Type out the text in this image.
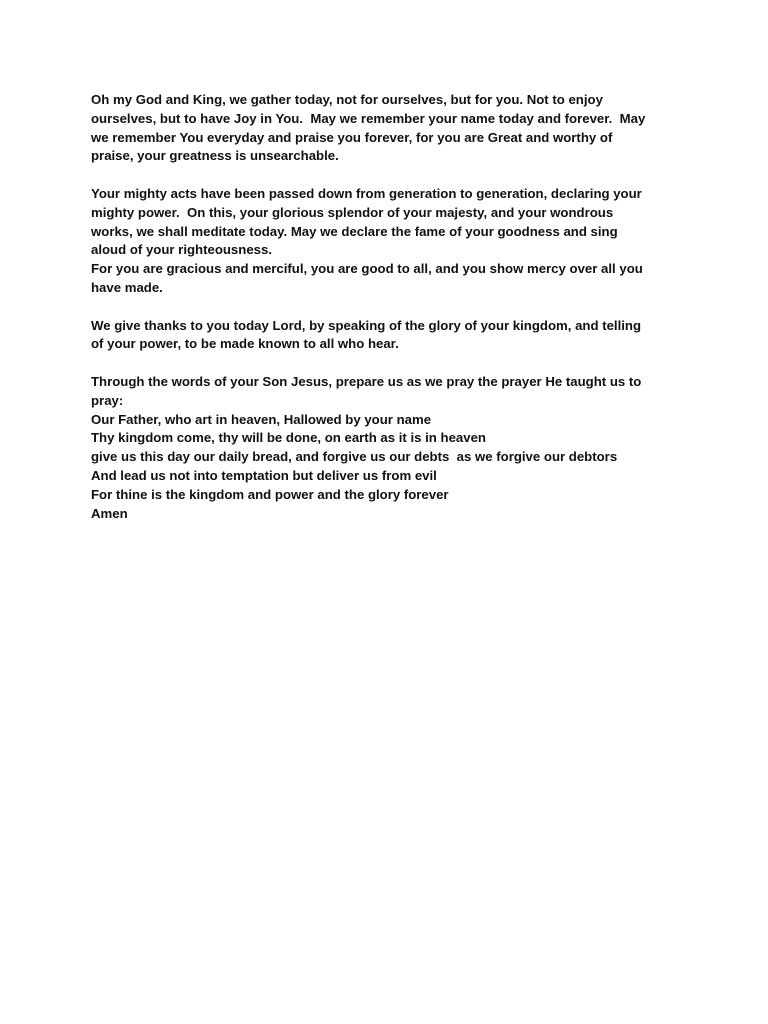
Oh my God and King, we gather today, not for ourselves, but for you. Not to enjoy

ourselves, but to have Joy in You.  May we remember your name today and forever.  May

we remember You everyday and praise you forever, for you are Great and worthy of

praise, your greatness is unsearchable.

Your mighty acts have been passed down from generation to generation, declaring your

mighty power.  On this, your glorious splendor of your majesty, and your wondrous

works, we shall meditate today. May we declare the fame of your goodness and sing

aloud of your righteousness.

For you are gracious and merciful, you are good to all, and you show mercy over all you

have made.

We give thanks to you today Lord, by speaking of the glory of your kingdom, and telling

of your power, to be made known to all who hear.

Through the words of your Son Jesus, prepare us as we pray the prayer He taught us to

pray:

Our Father, who art in heaven, Hallowed by your name

Thy kingdom come, thy will be done, on earth as it is in heaven

give us this day our daily bread, and forgive us our debts  as we forgive our debtors

And lead us not into temptation but deliver us from evil

For thine is the kingdom and power and the glory forever

Amen
